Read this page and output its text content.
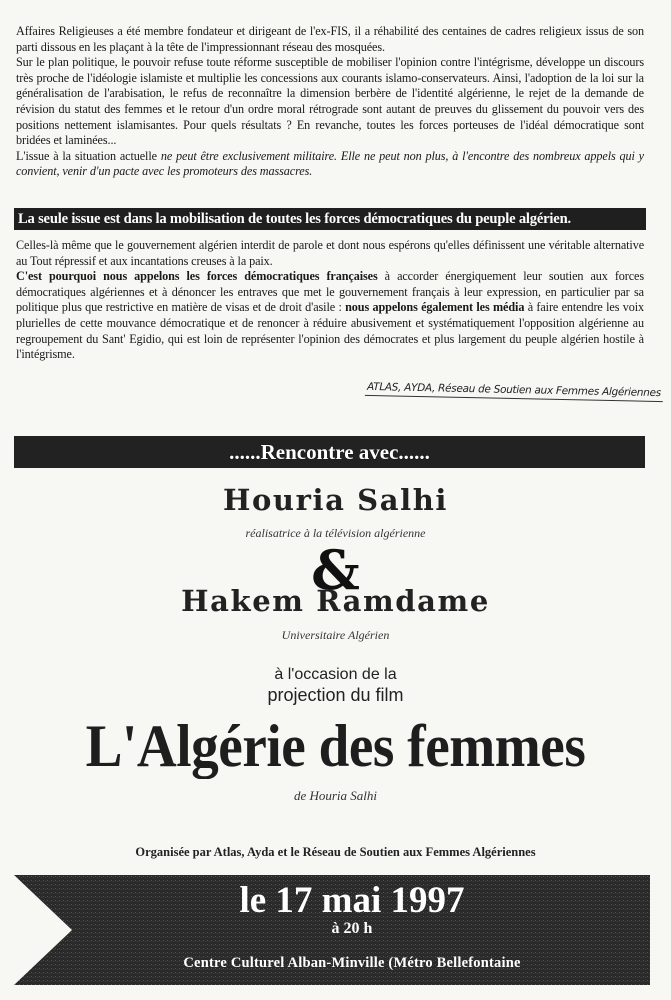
Affaires Religieuses a été membre fondateur et dirigeant de l'ex-FIS, il a réhabilité des centaines de cadres religieux issus de son parti dissous en les plaçant à la tête de l'impressionnant réseau des mosquées.

Sur le plan politique, le pouvoir refuse toute réforme susceptible de mobiliser l'opinion contre l'intégrisme, développe un discours très proche de l'idéologie islamiste et multiplie les concessions aux courants islamo-conservateurs. Ainsi, l'adoption de la loi sur la généralisation de l'arabisation, le refus de reconnaître la dimension berbère de l'identité algérienne, le rejet de la demande de révision du statut des femmes et le retour d'un ordre moral rétrograde sont autant de preuves du glissement du pouvoir vers des positions nettement islamisantes. Pour quels résultats ? En revanche, toutes les forces porteuses de l'idéal démocratique sont bridées et laminées...

L'issue à la situation actuelle ne peut être exclusivement militaire. Elle ne peut non plus, à l'encontre des nombreux appels qui y convient, venir d'un pacte avec les promoteurs des massacres.

La seule issue est dans la mobilisation de toutes les forces démocratiques du peuple algérien.

Celles-là même que le gouvernement algérien interdit de parole et dont nous espérons qu'elles définissent une véritable alternative au Tout répressif et aux incantations creuses à la paix.

C'est pourquoi nous appelons les forces démocratiques françaises à accorder énergiquement leur soutien aux forces démocratiques algériennes et à dénoncer les entraves que met le gouvernement français à leur expression, en particulier par sa politique plus que restrictive en matière de visas et de droit d'asile : nous appelons également les média à faire entendre les voix plurielles de cette mouvance démocratique et de renoncer à réduire abusivement et systématiquement l'opposition algérienne au regroupement du Sant' Egidio, qui est loin de représenter l'opinion des démocrates et plus largement du peuple algérien hostile à l'intégrisme.

ATLAS, AYDA, Réseau de Soutien aux Femmes Algériennes
......Rencontre avec......
Houria Salhi
réalisatrice à la télévision algérienne
&
Hakem Ramdame
Universitaire Algérien
à l'occasion de la
projection du film
L'Algérie des femmes
de Houria Salhi
Organisée par Atlas, Ayda et le Réseau de Soutien aux Femmes Algériennes
le 17 mai 1997
à 20 h
Centre Culturel Alban-Minville (Métro Bellefontaine
